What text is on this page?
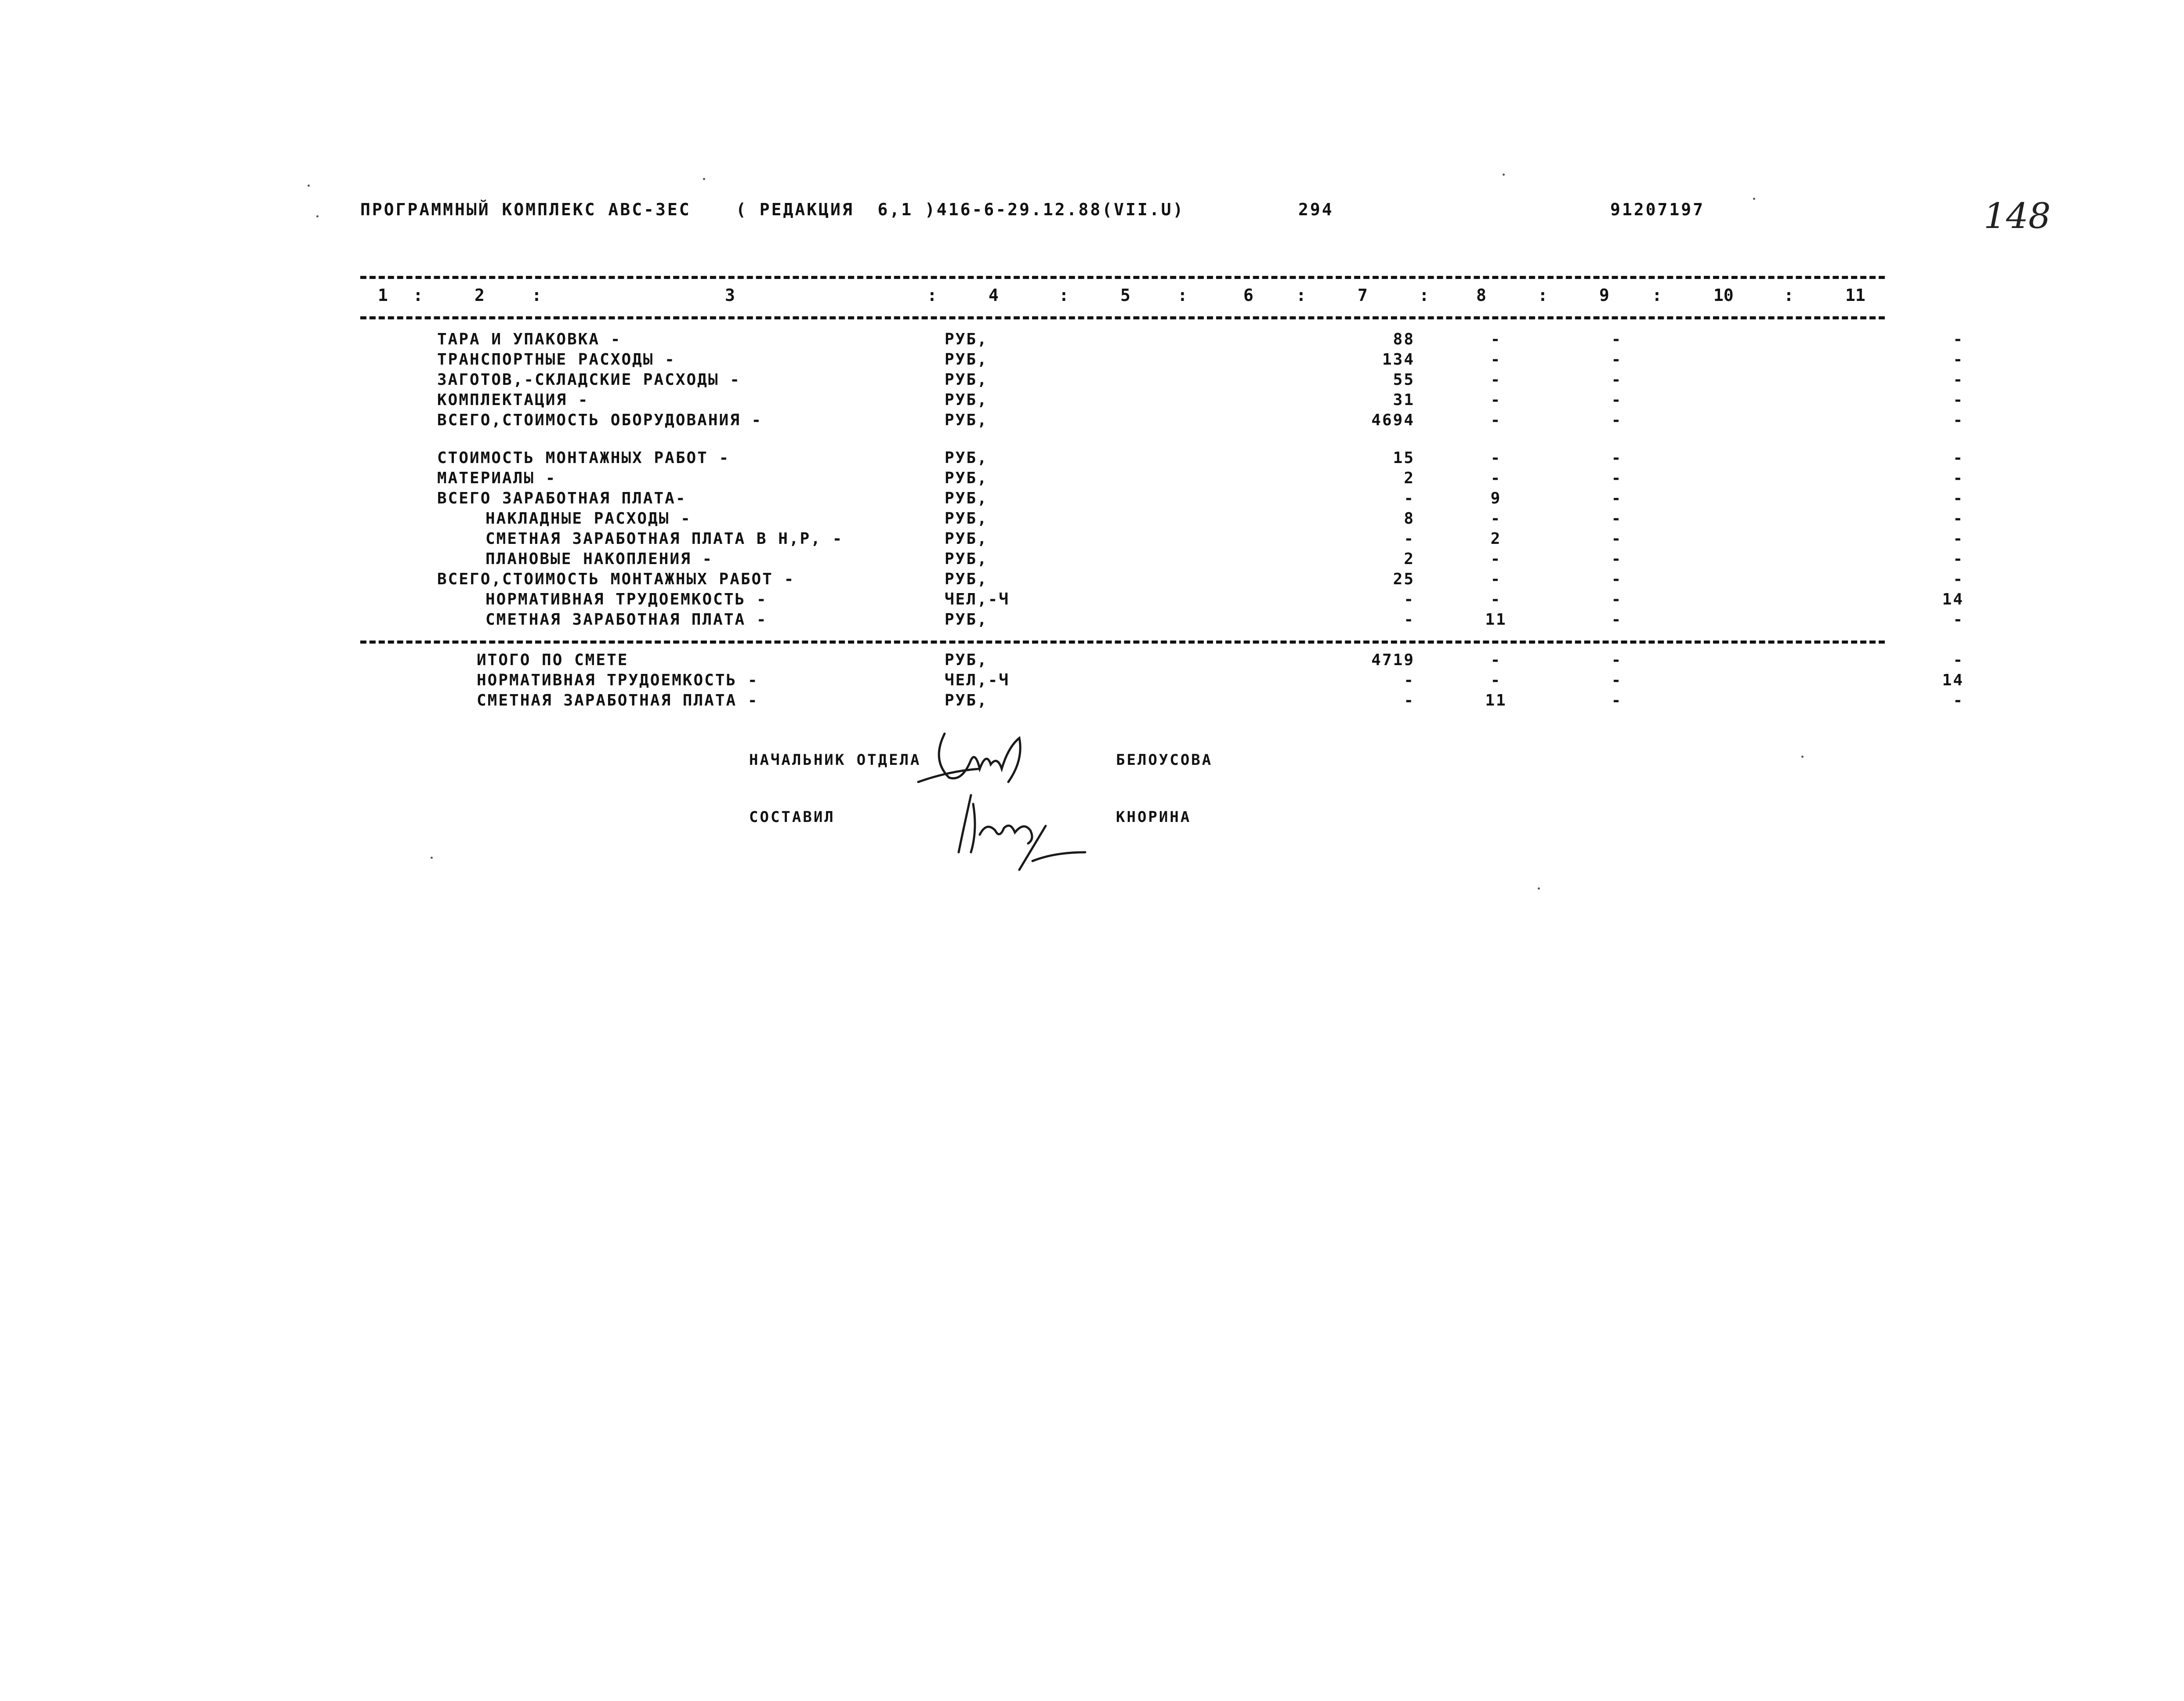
ПРОГРАММНЫЙ КОМПЛЕКС АВС-ЗЕС	( РЕДАКЦИЯ  6,1 )416-6-29.12.88(VII.U)	294	91207197	148
1	2	3	4	5	6	7	8	9	10	11
:	:	:	:	:	:	:	:	:	:
ТАРА И УПАКОВКА -	РУБ,	88	-	-	-
ТРАНСПОРТНЫЕ РАСХОДЫ -	РУБ,	134	-	-	-
ЗАГОТОВ,-СКЛАДСКИЕ РАСХОДЫ -	РУБ,	55	-	-	-
КОМПЛЕКТАЦИЯ -	РУБ,	31	-	-	-
ВСЕГО,СТОИМОСТЬ ОБОРУДОВАНИЯ -	РУБ,	4694	-	-	-
СТОИМОСТЬ МОНТАЖНЫХ РАБОТ -	РУБ,	15	-	-	-
МАТЕРИАЛЫ -	РУБ,	2	-	-	-
ВСЕГО ЗАРАБОТНАЯ ПЛАТА-	РУБ,	-	9	-	-
НАКЛАДНЫЕ РАСХОДЫ -	РУБ,	8	-	-	-
СМЕТНАЯ ЗАРАБОТНАЯ ПЛАТА В Н,Р, -	РУБ,	-	2	-	-
ПЛАНОВЫЕ НАКОПЛЕНИЯ -	РУБ,	2	-	-	-
ВСЕГО,СТОИМОСТЬ МОНТАЖНЫХ РАБОТ -	РУБ,	25	-	-	-
НОРМАТИВНАЯ ТРУДОЕМКОСТЬ -	ЧЕЛ,-Ч	-	-	-	14
СМЕТНАЯ ЗАРАБОТНАЯ ПЛАТА -	РУБ,	-	11	-	-
ИТОГО ПО СМЕТЕ	РУБ,	4719	-	-	-
НОРМАТИВНАЯ ТРУДОЕМКОСТЬ -	ЧЕЛ,-Ч	-	-	-	14
СМЕТНАЯ ЗАРАБОТНАЯ ПЛАТА -	РУБ,	-	11	-	-
НАЧАЛЬНИК ОТДЕЛА	БЕЛОУСОВА
СОСТАВИЛ	КНОРИНА
